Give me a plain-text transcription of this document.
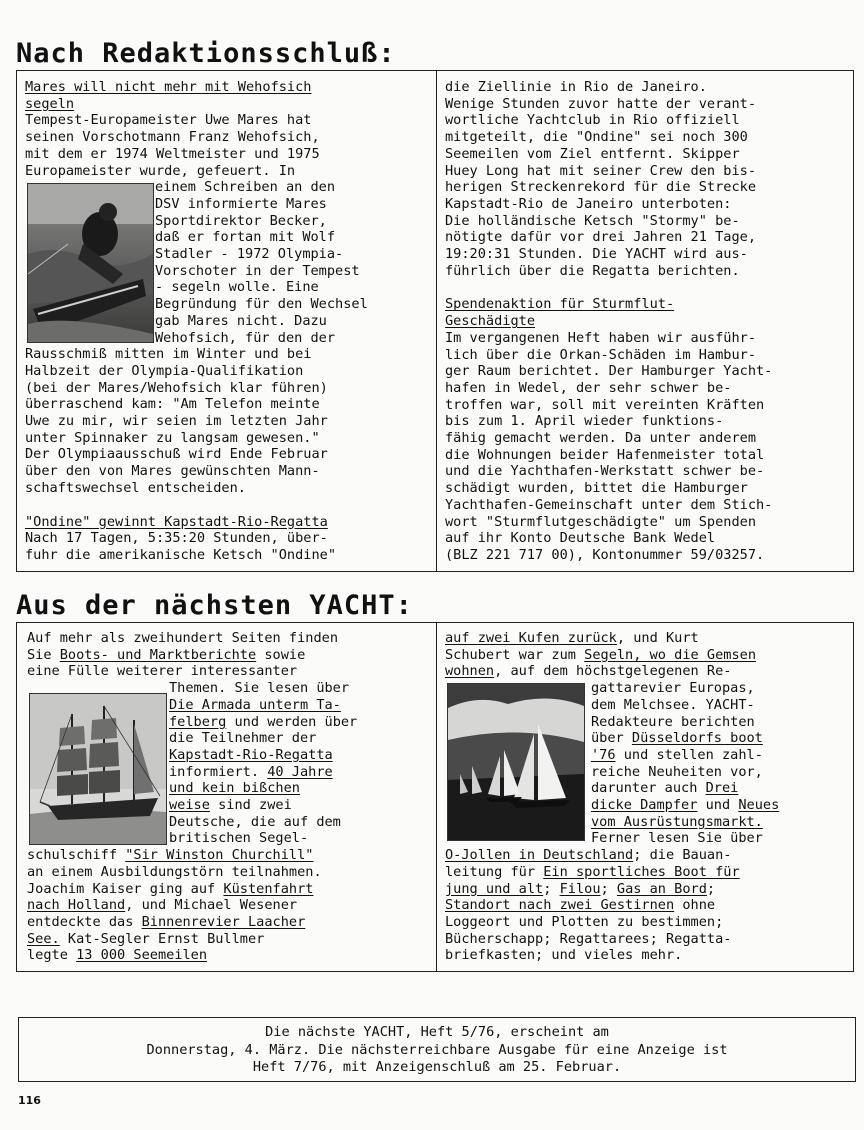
Nach Redaktionsschluß:

Mares will nicht mehr mit Wehofsich

segeln

Tempest-Europameister Uwe Mares hat

seinen Vorschotmann Franz Wehofsich,

mit dem er 1974 Weltmeister und 1975

Europameister wurde, gefeuert. In

einem Schreiben an den

DSV informierte Mares

Sportdirektor Becker,

daß er fortan mit Wolf

Stadler - 1972 Olympia-

Vorschoter in der Tempest

- segeln wolle. Eine

Begründung für den Wechsel

gab Mares nicht. Dazu

Wehofsich, für den der

Rausschmiß mitten im Winter und bei

Halbzeit der Olympia-Qualifikation

(bei der Mares/Wehofsich klar führen)

überraschend kam: "Am Telefon meinte

Uwe zu mir, wir seien im letzten Jahr

unter Spinnaker zu langsam gewesen."

Der Olympiaausschuß wird Ende Februar

über den von Mares gewünschten Mann-

schaftswechsel entscheiden.

"Ondine" gewinnt Kapstadt-Rio-Regatta

Nach 17 Tagen, 5:35:20 Stunden, über-

fuhr die amerikanische Ketsch "Ondine"

die Ziellinie in Rio de Janeiro.

Wenige Stunden zuvor hatte der verant-

wortliche Yachtclub in Rio offiziell

mitgeteilt, die "Ondine" sei noch 300

Seemeilen vom Ziel entfernt. Skipper

Huey Long hat mit seiner Crew den bis-

herigen Streckenrekord für die Strecke

Kapstadt-Rio de Janeiro unterboten:

Die holländische Ketsch "Stormy" be-

nötigte dafür vor drei Jahren 21 Tage,

19:20:31 Stunden. Die YACHT wird aus-

führlich über die Regatta berichten.

Spendenaktion für Sturmflut-

Geschädigte

Im vergangenen Heft haben wir ausführ-

lich über die Orkan-Schäden im Hambur-

ger Raum berichtet. Der Hamburger Yacht-

hafen in Wedel, der sehr schwer be-

troffen war, soll mit vereinten Kräften

bis zum 1. April wieder funktions-

fähig gemacht werden. Da unter anderem

die Wohnungen beider Hafenmeister total

und die Yachthafen-Werkstatt schwer be-

schädigt wurden, bittet die Hamburger

Yachthafen-Gemeinschaft unter dem Stich-

wort "Sturmflutgeschädigte" um Spenden

auf ihr Konto Deutsche Bank Wedel

(BLZ 221 717 00), Kontonummer 59/03257.

Aus der nächsten YACHT:

Auf mehr als zweihundert Seiten finden

Sie Boots- und Marktberichte sowie

eine Fülle weiterer interessanter

Themen. Sie lesen über

Die Armada unterm Ta-

felberg und werden über

die Teilnehmer der

Kapstadt-Rio-Regatta

informiert. 40 Jahre

und kein bißchen

weise sind zwei

Deutsche, die auf dem

britischen Segel-

schulschiff "Sir Winston Churchill"

an einem Ausbildungstörn teilnahmen.

Joachim Kaiser ging auf Küstenfahrt

nach Holland, und Michael Wesener

entdeckte das Binnenrevier Laacher

See. Kat-Segler Ernst Bullmer

legte 13 000 Seemeilen

auf zwei Kufen zurück, und Kurt

Schubert war zum Segeln, wo die Gemsen

wohnen, auf dem höchstgelegenen Re-

gattarevier Europas,

dem Melchsee. YACHT-

Redakteure berichten

über Düsseldorfs boot

'76 und stellen zahl-

reiche Neuheiten vor,

darunter auch Drei

dicke Dampfer und Neues

vom Ausrüstungsmarkt.

Ferner lesen Sie über

O-Jollen in Deutschland; die Bauan-

leitung für Ein sportliches Boot für

jung und alt; Filou; Gas an Bord;

Standort nach zwei Gestirnen ohne

Loggeort und Plotten zu bestimmen;

Bücherschapp; Regattarees; Regatta-

briefkasten; und vieles mehr.

Die nächste YACHT, Heft 5/76, erscheint am

Donnerstag, 4. März. Die nächsterreichbare Ausgabe für eine Anzeige ist

Heft 7/76, mit Anzeigenschluß am 25. Februar.

116
